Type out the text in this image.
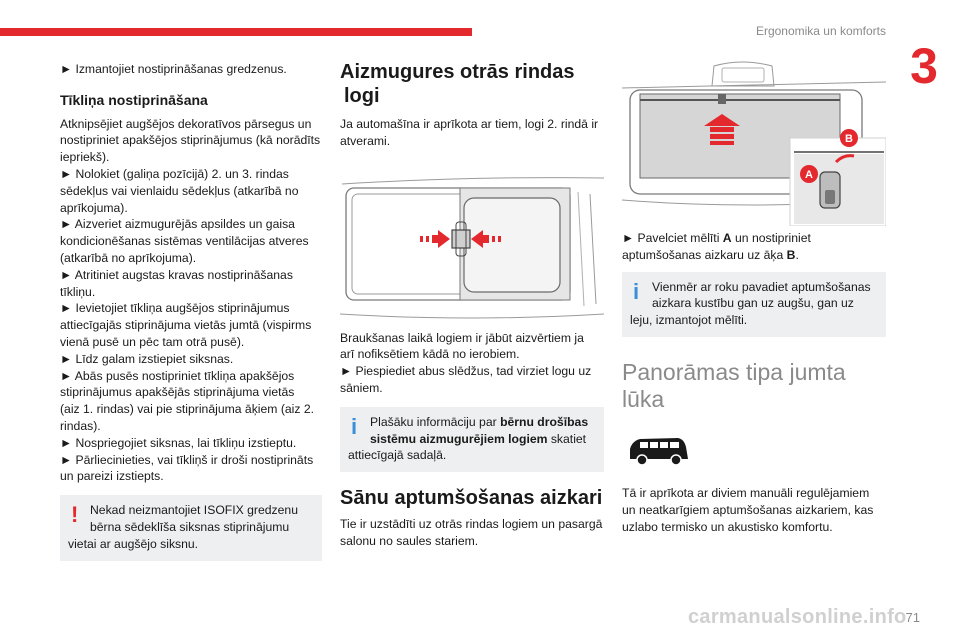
Ergonomika un komforts
3
► Izmantojiet nostiprināšanas gredzenus.
Tīkliņa nostiprināšana
Atknipsējiet augšējos dekoratīvos pārsegus un
nostipriniet apakšējos stiprinājumus (kā norādīts
iepriekš).
► Nolokiet (galiņa pozīcijā) 2. un 3. rindas
sēdekļus vai vienlaidu sēdekļus (atkarībā no
aprīkojuma).
► Aizveriet aizmugurējās apsildes un gaisa
kondicionēšanas sistēmas ventilācijas atveres
(atkarībā no aprīkojuma).
► Atritiniet augstas kravas nostiprināšanas
tīkliņu.
► Ievietojiet tīkliņa augšējos stiprinājumus
attiecīgajās stiprinājuma vietās jumtā (vispirms
vienā pusē un pēc tam otrā pusē).
► Līdz galam izstiepiet siksnas.
► Abās pusēs nostipriniet tīkliņa apakšējos
stiprinājumus apakšējās stiprinājuma vietās
(aiz 1. rindas) vai pie stiprinājuma āķiem (aiz 2.
rindas).
► Nospriegojiet siksnas, lai tīkliņu izstieptu.
► Pārliecinieties, vai tīkliņš ir droši nostiprināts
un pareizi izstiepts.
! Nekad neizmantojiet ISOFIX gredzenu
bērna sēdeklīša siksnas stiprinājumu
vietai ar augšējo siksnu.
Aizmugures otrās rindas
logi
Ja automašīna ir aprīkota ar tiem, logi 2. rindā ir
atverami.
Braukšanas laikā logiem ir jābūt aizvērtiem ja
arī nofiksētiem kādā no ierobiem.
► Piespiediet abus slēdžus, tad virziet logu uz
sāniem.
i	Plašāku informāciju par bērnu drošības
sistēmu aizmugurējiem logiem skatiet
attiecīgajā sadaļā.
Sānu aptumšošanas aizkari
Tie ir uzstādīti uz otrās rindas logiem un pasargā
salonu no saules stariem.
B
A
► Pavelciet mēlīti A un nostipriniet
aptumšošanas aizkaru uz āķa B.
i	Vienmēr ar roku pavadiet aptumšošanas
aizkara kustību gan uz augšu, gan uz
leju, izmantojot mēlīti.
Panorāmas tipa jumta
lūka
Tā ir aprīkota ar diviem manuāli regulējamiem
un neatkarīgiem aptumšošanas aizkariem, kas
uzlabo termisko un akustisko komfortu.
carmanualsonline.info
71
